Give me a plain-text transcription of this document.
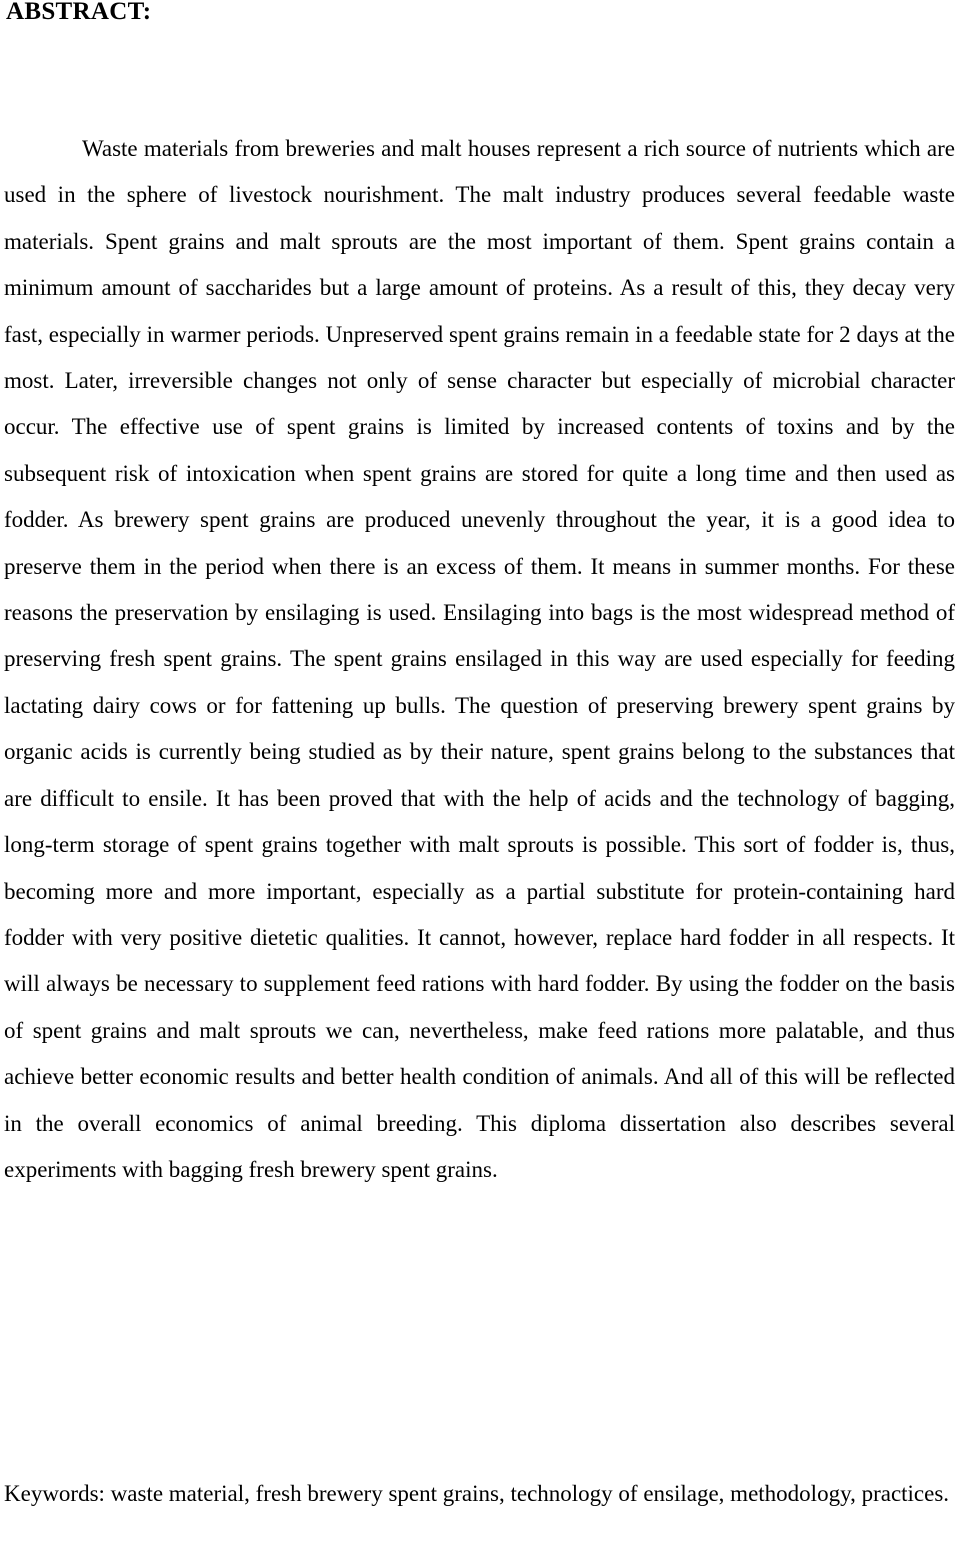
ABSTRACT:

Waste materials from breweries and malt houses represent a rich source of nutrients which are used in the sphere of livestock nourishment. The malt industry produces several feedable waste materials. Spent grains and malt sprouts are the most important of them. Spent grains contain a minimum amount of saccharides but a large amount of proteins. As a result of this, they decay very fast, especially in warmer periods. Unpreserved spent grains remain in a feedable state for 2 days at the most. Later, irreversible changes not only of sense character but especially of microbial character occur. The effective use of spent grains is limited by increased contents of toxins and by the subsequent risk of intoxication when spent grains are stored for quite a long time and then used as fodder. As brewery spent grains are produced unevenly throughout the year, it is a good idea to preserve them in the period when there is an excess of them. It means in summer months. For these reasons the preservation by ensilaging is used. Ensilaging into bags is the most widespread method of preserving fresh spent grains. The spent grains ensilaged in this way are used especially for feeding lactating dairy cows or for fattening up bulls. The question of preserving brewery spent grains by organic acids is currently being studied as by their nature, spent grains belong to the substances that are difficult to ensile. It has been proved that with the help of acids and the technology of bagging, long-term storage of spent grains together with malt sprouts is possible. This sort of fodder is, thus, becoming more and more important, especially as a partial substitute for protein-containing hard fodder with very positive dietetic qualities. It cannot, however, replace hard fodder in all respects. It will always be necessary to supplement feed rations with hard fodder. By using the fodder on the basis of spent grains and malt sprouts we can, nevertheless, make feed rations more palatable, and thus achieve better economic results and better health condition of animals. And all of this will be reflected in the overall economics of animal breeding. This diploma dissertation also describes several experiments with bagging fresh brewery spent grains.

Keywords: waste material, fresh brewery spent grains, technology of ensilage, methodology, practices.
